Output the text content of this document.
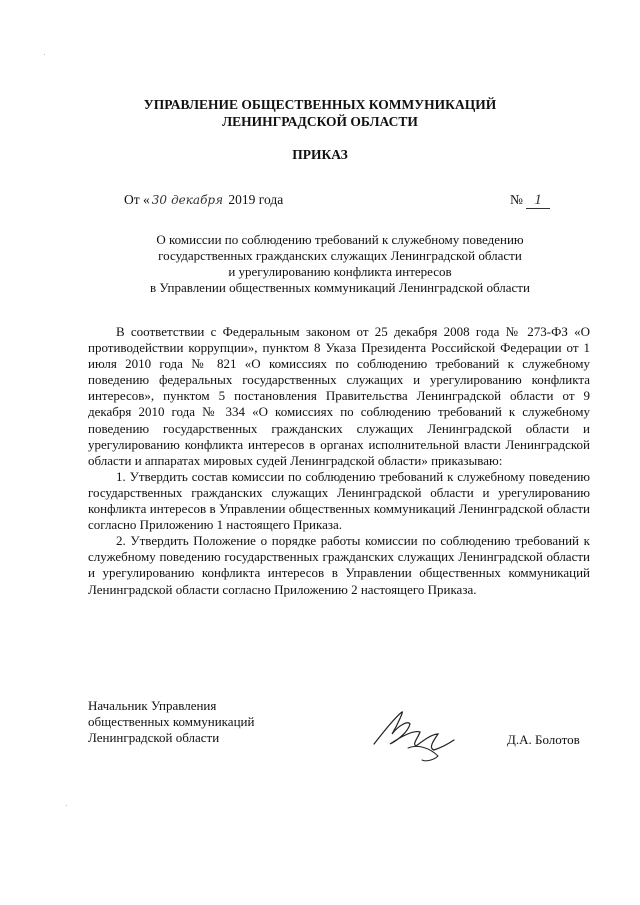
УПРАВЛЕНИЕ ОБЩЕСТВЕННЫХ КОММУНИКАЦИЙ
ЛЕНИНГРАДСКОЙ ОБЛАСТИ
ПРИКАЗ
От « 30 декабря 2019 года	№ 1
О комиссии по соблюдению требований к служебному поведению
государственных гражданских служащих Ленинградской области
и урегулированию конфликта интересов
в Управлении общественных коммуникаций Ленинградской области

В соответствии с Федеральным законом от 25 декабря 2008 года № 273-ФЗ «О противодействии коррупции», пунктом 8 Указа Президента Российской Федерации от 1 июля 2010 года № 821 «О комиссиях по соблюдению требований к служебному поведению федеральных государственных служащих и урегулированию конфликта интересов», пунктом 5 постановления Правительства Ленинградской области от 9 декабря 2010 года № 334 «О комиссиях по соблюдению требований к служебному поведению государственных гражданских служащих Ленинградской области и урегулированию конфликта интересов в органах исполнительной власти Ленинградской области и аппаратах мировых судей Ленинградской области» приказываю:

1. Утвердить состав комиссии по соблюдению требований к служебному поведению государственных гражданских служащих Ленинградской области и урегулированию конфликта интересов в Управлении общественных коммуникаций Ленинградской области согласно Приложению 1 настоящего Приказа.

2. Утвердить Положение о порядке работы комиссии по соблюдению требований к служебному поведению государственных гражданских служащих Ленинградской области и урегулированию конфликта интересов в Управлении общественных коммуникаций Ленинградской области согласно Приложению 2 настоящего Приказа.

Начальник Управления
общественных коммуникаций
Ленинградской области	Д.А. Болотов
